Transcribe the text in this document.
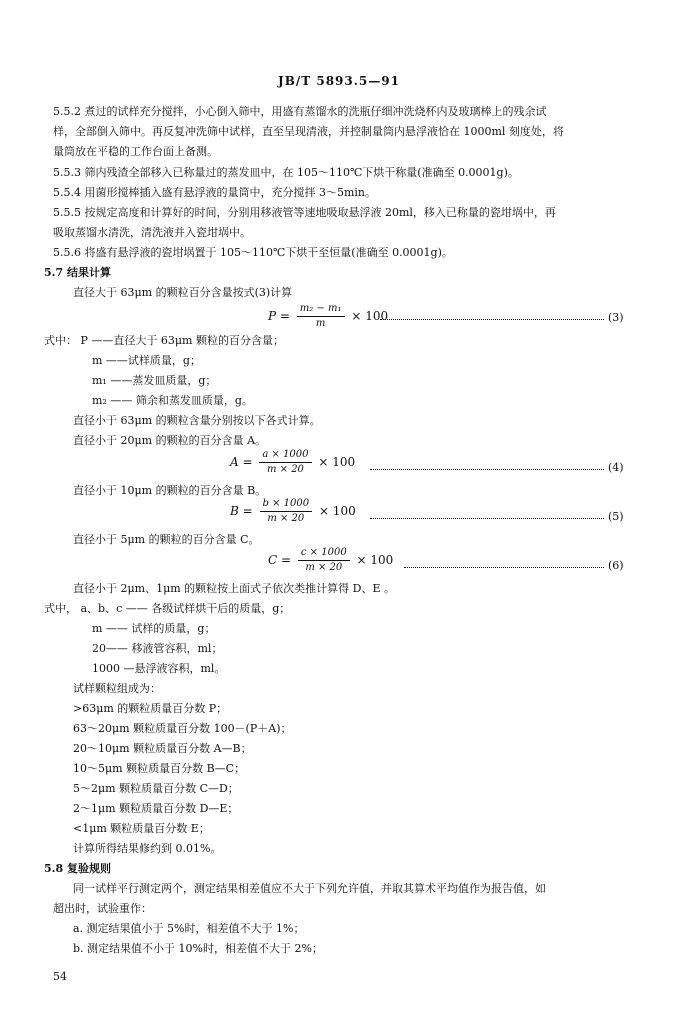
JB/T 5893.5—91
5.5.2 煮过的试样充分搅拌，小心倒入筛中，用盛有蒸馏水的洗瓶仔细冲洗烧杯内及玻璃棒上的残余试
样，全部倒入筛中。再反复冲洗筛中试样，直至呈现清液，并控制量筒内悬浮液恰在 1000ml 刻度处，将
量筒放在平稳的工作台面上备测。
5.5.3 筛内残渣全部移入已称量过的蒸发皿中，在 105～110℃下烘干称量(准确至 0.0001g)。
5.5.4 用菌形搅棒插入盛有悬浮液的量筒中，充分搅拌 3～5min。
5.5.5 按规定高度和计算好的时间，分别用移液管等速地吸取悬浮液 20ml，移入已称量的瓷坩埚中，再
吸取蒸馏水清洗，清洗液并入瓷坩埚中。
5.5.6 将盛有悬浮液的瓷坩埚置于 105～110℃下烘干至恒量(准确至 0.0001g)。
5.7 结果计算
直径大于 63μm 的颗粒百分含量按式(3)计算
$P = \frac{\text{m₂ − m₁}}{m} \times 100$	(3)
式中： P ——直径大于 63μm 颗粒的百分含量；
m ——试样质量，g；
m₁ ——蒸发皿质量，g；
m₂ —— 筛余和蒸发皿质量，g。
直径小于 63μm 的颗粒含量分别按以下各式计算。
直径小于 20μm 的颗粒的百分含量 A。
$A = \frac{a \times 1000}{m \times 20} \times 100$	(4)
直径小于 10μm 的颗粒的百分含量 B。
$B = \frac{b \times 1000}{m \times 20} \times 100$	(5)
直径小于 5μm 的颗粒的百分含量 C。
$C = \frac{c \times 1000}{m \times 20} \times 100$	(6)
直径小于 2μm、1μm 的颗粒按上面式子依次类推计算得 D、E 。
式中， a、b、c —— 各级试样烘干后的质量，g；
m —— 试样的质量，g；
20—— 移液管容积，ml；
1000 —悬浮液容积，ml。
试样颗粒组成为：
>63μm 的颗粒质量百分数 P；
63～20μm 颗粒质量百分数 100－(P＋A)；
20～10μm 颗粒质量百分数 A—B；
10～5μm 颗粒质量百分数 B—C；
5～2μm 颗粒质量百分数 C—D；
2～1μm 颗粒质量百分数 D—E；
<1μm 颗粒质量百分数 E；
计算所得结果修约到 0.01%。
5.8 复验规则
同一试样平行测定两个，测定结果相差值应不大于下列允许值，并取其算术平均值作为报告值，如
超出时，试验重作：
a. 测定结果值小于 5%时，相差值不大于 1%；
b. 测定结果值不小于 10%时，相差值不大于 2%；
54
